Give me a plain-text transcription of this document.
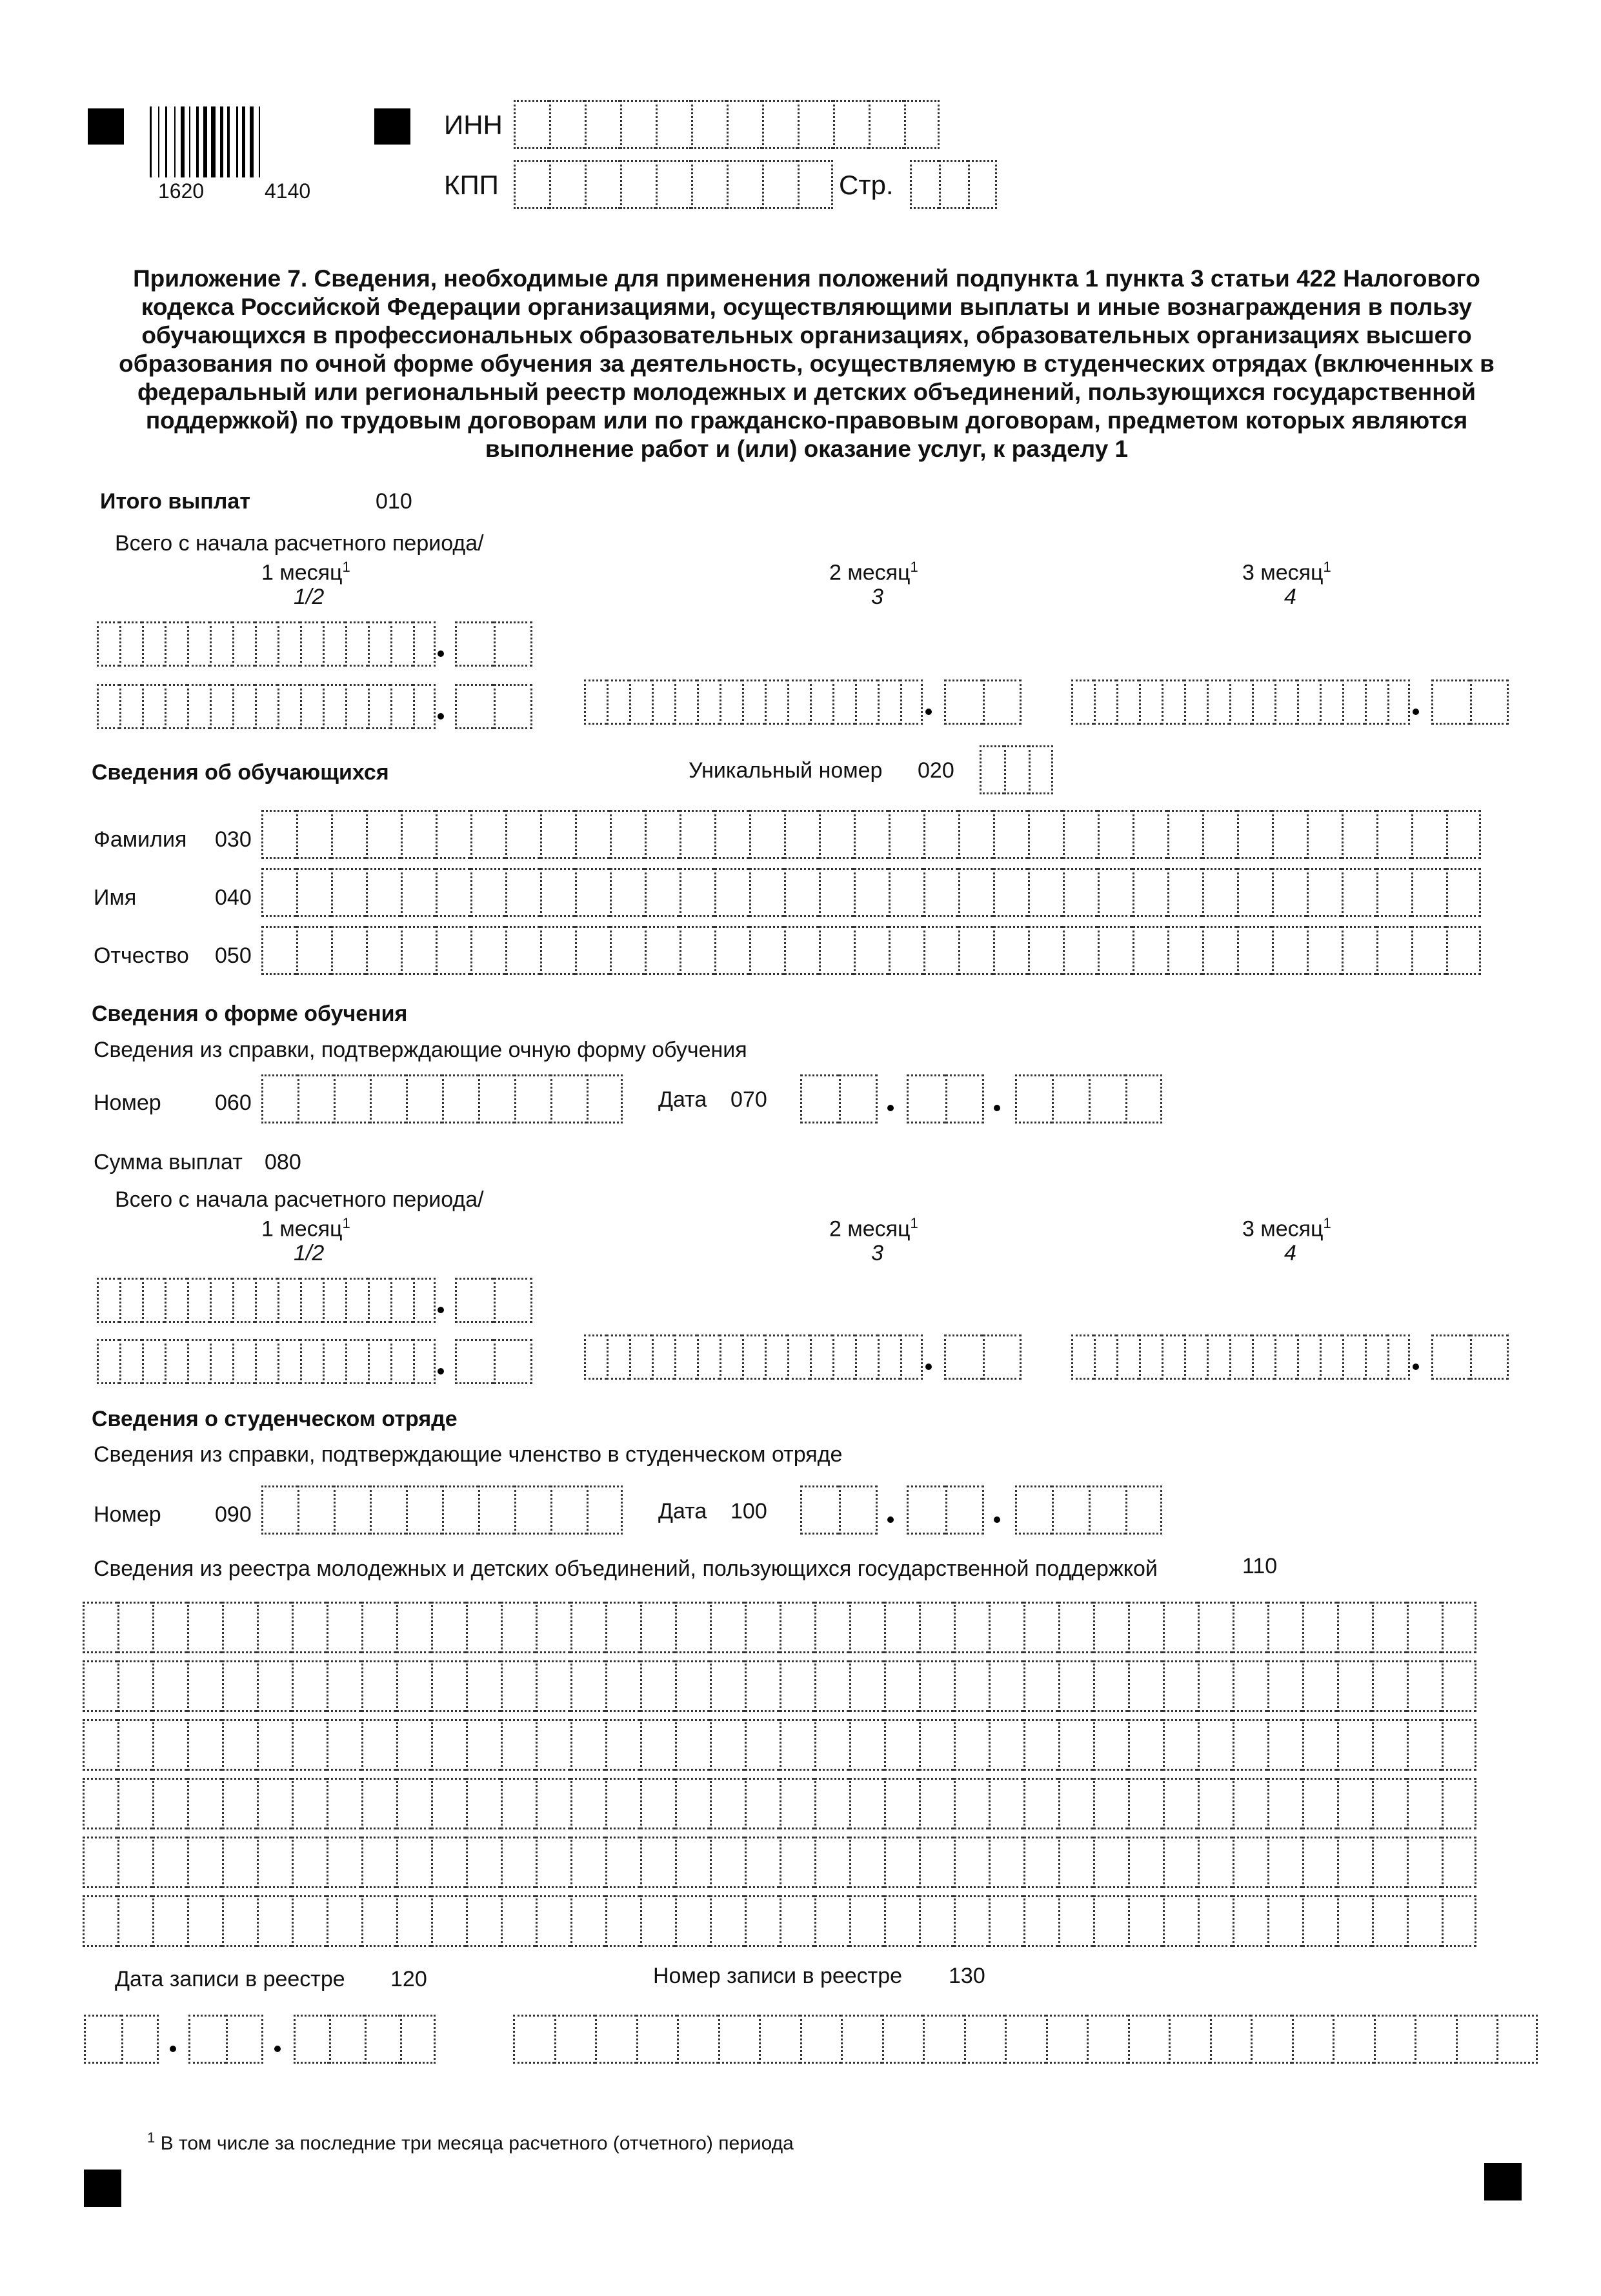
1620	4140
ИНН
КПП	Стр.
Приложение 7. Сведения, необходимые для применения положений подпункта 1 пункта 3 статьи 422 Налогового кодекса Российской Федерации организациями, осуществляющими выплаты и иные вознаграждения в пользу обучающихся в профессиональных образовательных организациях, образовательных организациях высшего образования по очной форме обучения за деятельность, осуществляемую в студенческих отрядах (включенных в федеральный или региональный реестр молодежных и детских объединений, пользующихся государственной поддержкой) по трудовым договорам или по гражданско-правовым договорам, предметом которых являются выполнение работ и (или) оказание услуг, к разделу 1
Итого выплат	010
Всего с начала расчетного периода/
1 месяц$^1$
1/2
2 месяц$^1$
3
3 месяц$^1$
4
Сведения об обучающихся	Уникальный номер 020
Фамилия 030
Имя	040
Отчество 050
Сведения о форме обучения
Сведения из справки, подтверждающие очную форму обучения
Номер 060	Дата 070
Сумма выплат 080
Всего с начала расчетного периода/
1 месяц$^1$
1/2
2 месяц$^1$
3
3 месяц$^1$
4
Сведения о студенческом отряде
Сведения из справки, подтверждающие членство в студенческом отряде
Номер 090	Дата 100
Сведения из реестра молодежных и детских объединений, пользующихся государственной поддержкой	110
Дата записи в реестре 120	Номер записи в реестре 130
$^1$ В том числе за последние три месяца расчетного (отчетного) периода
